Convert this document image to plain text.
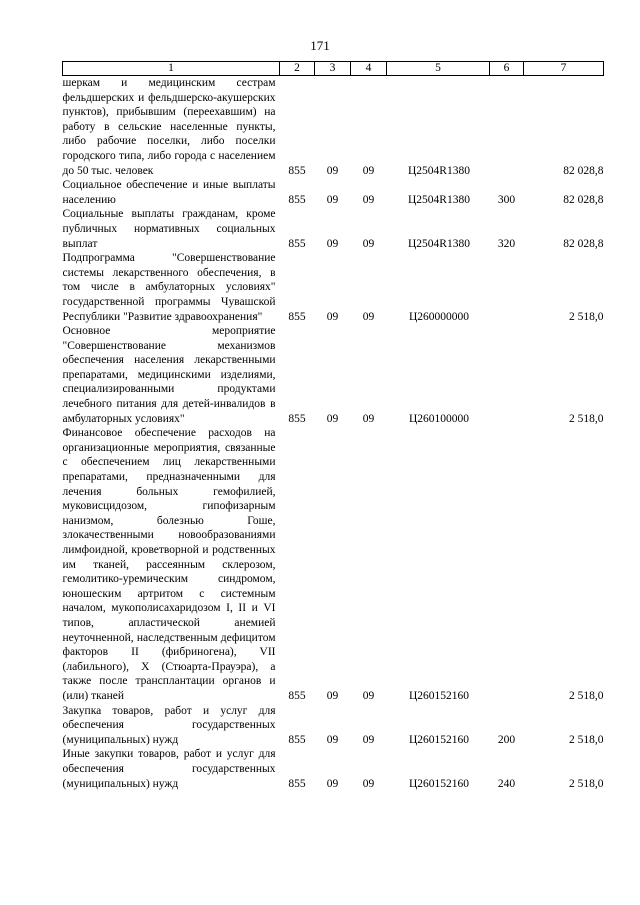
171
1	2	3	4	5	6	7
шеркам и медицинским сестрам фельдшерских и фельдшерско-акушерских пунктов), прибывшим (переехавшим) на работу в сельские населенные пункты, либо рабочие поселки, либо поселки городского типа, либо города с населением до 50 тыс. человек	855	09	09	Ц2504R1380		82 028,8
Социальное обеспечение и иные выплаты населению	855	09	09	Ц2504R1380	300	82 028,8
Социальные выплаты гражданам, кроме публичных нормативных социальных выплат	855	09	09	Ц2504R1380	320	82 028,8
Подпрограмма "Совершенствование системы лекарственного обеспечения, в том числе в амбулаторных условиях" государственной программы Чувашской Республики "Развитие здравоохранения"	855	09	09	Ц260000000		2 518,0
Основное мероприятие "Совершенствование механизмов обеспечения населения лекарственными препаратами, медицинскими изделиями, специализированными продуктами лечебного питания для детей-инвалидов в амбулаторных условиях"	855	09	09	Ц260100000		2 518,0
Финансовое обеспечение расходов на организационные мероприятия, связанные с обеспечением лиц лекарственными препаратами, предназначенными для лечения больных гемофилией, муковисцидозом, гипофизарным нанизмом, болезнью Гоше, злокачественными новообразованиями лимфоидной, кроветворной и родственных им тканей, рассеянным склерозом, гемолитико-уремическим синдромом, юношеским артритом с системным началом, мукополисахаридозом I, II и VI типов, апластической анемией неуточненной, наследственным дефицитом факторов II (фибриногена), VII (лабильного), X (Стюарта-Прауэра), а также после трансплантации органов и (или) тканей	855	09	09	Ц260152160		2 518,0
Закупка товаров, работ и услуг для обеспечения государственных (муниципальных) нужд	855	09	09	Ц260152160	200	2 518,0
Иные закупки товаров, работ и услуг для обеспечения государственных (муниципальных) нужд	855	09	09	Ц260152160	240	2 518,0
